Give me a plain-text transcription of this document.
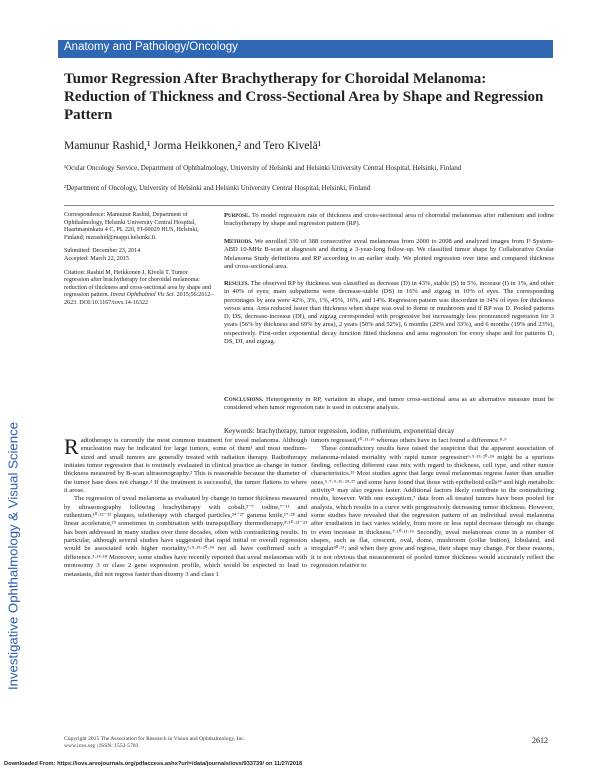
Investigative Ophthalmology & Visual Science
Anatomy and Pathology/Oncology
Tumor Regression After Brachytherapy for Choroidal Melanoma: Reduction of Thickness and Cross-Sectional Area by Shape and Regression Pattern
Mamunur Rashid,¹ Jorma Heikkonen,² and Tero Kivelä¹
¹Ocular Oncology Service, Department of Ophthalmology, University of Helsinki and Helsinki University Central Hospital, Helsinki, Finland
²Department of Oncology, University of Helsinki and Helsinki University Central Hospital, Helsinki, Finland
Correspondence: Mamunur Rashid, Department of Ophthalmology, Helsinki University Central Hospital, Haartmaninkatu 4 C, PL 220, FI-00029 HUS, Helsinki, Finland; mzrashid@mappi.helsinki.fi.
Submitted: December 23, 2014
Accepted: March 22, 2015
Citation: Rashid M, Heikkonen J, Kivelä T. Tumor regression after brachytherapy for choroidal melanoma: reduction of thickness and cross-sectional area by shape and regression pattern. Invest Ophthalmol Vis Sci. 2015;56:2612–2623. DOI:10.1167/iovs.14-16322
Purpose. To model regression rate of thickness and cross-sectional area of choroidal melanomas after ruthenium and iodine brachytherapy by shape and regression pattern (RP).
Methods. We enrolled 330 of 388 consecutive uveal melanomas from 2000 to 2008 and analyzed images from I³ System-ABD 10-MHz B-scan at diagnosis and during a 3-year-long follow-up. We classified tumor shape by Collaborative Ocular Melanoma Study definitions and RP according to an earlier study. We plotted regression over time and compared thickness and cross-sectional area.
Results. The observed RP by thickness was classified as decrease (D) in 43%, stable (S) in 5%, increase (I) in 1%, and other in 40% of eyes; main subpatterns were decrease-stable (DS) in 16% and zigzag in 10% of eyes. The corresponding percentages by area were 42%, 3%, 1%, 45%, 16%, and 14%. Regression pattern was discordant in 34% of eyes for thickness versus area. Area reduced faster than thickness when shape was oval to dome or mushroom and if RP was D. Pooled patterns D, DS, decrease-increase (DI), and zigzag corresponded with progressive but increasingly less pronounced regression for 3 years (56% by thickness and 69% by area), 2 years (50% and 52%), 6 months (29% and 33%), and 6 months (19% and 23%), respectively. First-order exponential decay function fitted thickness and area regression for every shape and for patterns D, DS, DI, and zigzag.
Conclusions. Heterogeneity in RP, variation in shape, and tumor cross-sectional area as an alternative measure must be considered when tumor regression rate is used in outcome analysis.
Keywords: brachytherapy, tumor regression, iodine, ruthenium, exponential decay
Radiotherapy is currently the most common treatment for uveal melanoma. Although enucleation may be indicated for large tumors, some of them¹ and most medium-sized and small tumors are generally treated with radiation therapy. Radiotherapy initiates tumor regression that is routinely evaluated in clinical practice as change in tumor thickness measured by B-scan ultrasonography.² This is reasonable because the diameter of the tumor base does not change.³ If the treatment is successful, the tumor flattens to where it arose.
The regression of uveal melanoma as evaluated by change in tumor thickness measured by ultrasonography following brachytherapy with cobalt,³⁻⁷ iodine,⁷⁻¹¹ and ruthenium,¹⁰·¹²⁻²³ plaques, teletherapy with charged particles,²⁴⁻²⁷ gamma knife,¹⁷·²⁸ and linear accelerator,²⁹ sometimes in combination with transpupillary thermotherapy,⁸·¹⁰·²¹⁻²³ has been addressed in many studies over three decades, often with contradicting results. In particular, although several studies have suggested that rapid initial or overall regression would be associated with higher mortality,⁶·⁹·¹⁵·²⁰·³⁴ not all have confirmed such a difference.³·¹⁴·¹⁸ Moreover, some studies have recently reported that uveal melanomas with monosomy 3 or class 2 gene expression profile, which would be expected to lead to metastasis, did not regress faster than disomy 3 and class 1
tumors regressed,¹⁰·¹¹·³⁶ whereas others have in fact found a difference.⁸·⁹
These contradictory results have raised the suspicion that the apparent association of melanoma-related mortality with rapid tumor regression⁶·⁹·¹⁵·²⁰·²⁴ might be a spurious finding, reflecting different case mix with regard to thickness, cell type, and other tumor characteristics.³⁵ Most studies agree that large uveal melanomas regress faster than smaller ones,⁵·⁷·⁹·¹⁶·²⁴·²⁷ and some have found that those with epithelioid cells³⁴ and high metabolic activity²¹ may also regress faster. Additional factors likely contribute to the contradicting results, however. With one exception,⁷ data from all treated tumors have been pooled for analysis, which results in a curve with progressively decreasing tumor thickness. However, some studies have revealed that the regression pattern of an individual uveal melanoma after irradiation in fact varies widely, from more or less rapid decrease through no change to even increase in thickness.⁷·¹⁰·¹¹·¹⁶ Secondly, uveal melanomas come in a number of shapes, such as flat, crescent, oval, dome, mushroom (collar button), lobulated, and irregular³⁰·³¹; and when they grow and regress, their shape may change. For these reasons, it is not obvious that measurement of pooled tumor thickness would accurately reflect the regression relative to
Copyright 2015 The Association for Research in Vision and Ophthalmology, Inc.
www.iovs.org | ISSN: 1552-5783
2612
Downloaded From: https://iovs.arvojournals.org/pdfaccess.ashx?url=/data/journals/iovs/933739/ on 11/27/2018
